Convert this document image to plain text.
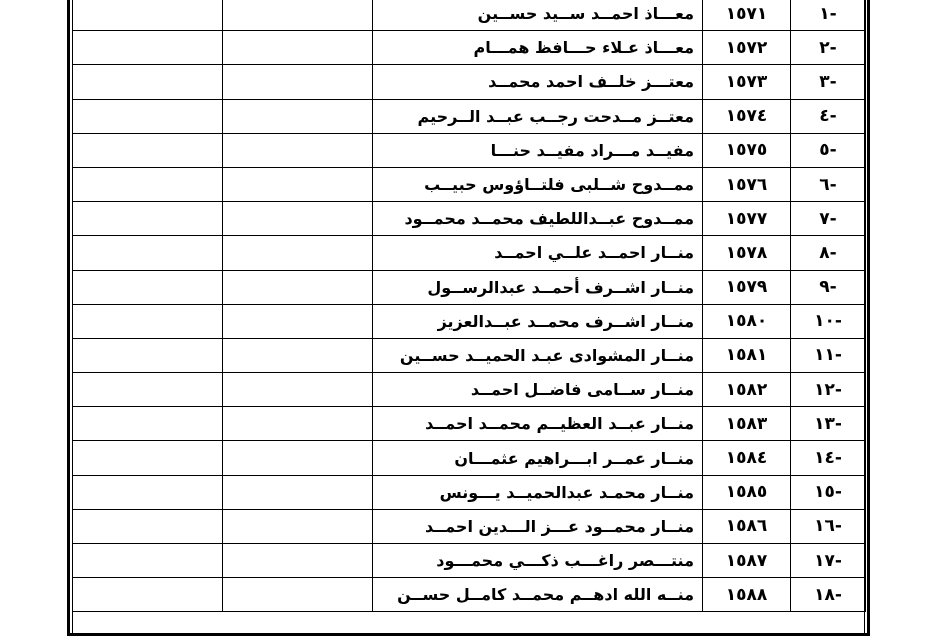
-١	١٥٧١	معـــاذ احمــد ســيد حســين		
-٢	١٥٧٢	معـــاذ عـلاء حـــافظ همـــام		
-٣	١٥٧٣	معتـــز خلــف احمد محمــد		
-٤	١٥٧٤	معتــز مــدحت رجــب عبــد الــرحيم		
-٥	١٥٧٥	مفيــد مـــراد مفيــد حنـــا		
-٦	١٥٧٦	ممــدوح شــلبى فلتــاؤوس حبيــب		
-٧	١٥٧٧	ممــدوح عبــداللطيف محمــد محمــود		
-٨	١٥٧٨	منــار احمــد علــي احمــد		
-٩	١٥٧٩	منــار اشــرف أحمــد عبدالرســول		
-١٠	١٥٨٠	منــار اشــرف محمــد عبــدالعزيز		
-١١	١٥٨١	منــار المشوادى عبـد الحميــد حســين		
-١٢	١٥٨٢	منــار ســامى فاضــل احمــد		
-١٣	١٥٨٣	منــار عبــد العظيــم محمــد احمــد		
-١٤	١٥٨٤	منــار عمــر ابـــراهيم عثمـــان		
-١٥	١٥٨٥	منــار محمـد عبدالحميــد يـــونس		
-١٦	١٥٨٦	منــار محمــود عـــز الـــدين احمــد		
-١٧	١٥٨٧	منتـــصر راغـــب ذكـــي محمـــود		
-١٨	١٥٨٨	منــه الله ادهــم محمــد كامــل حســن		
